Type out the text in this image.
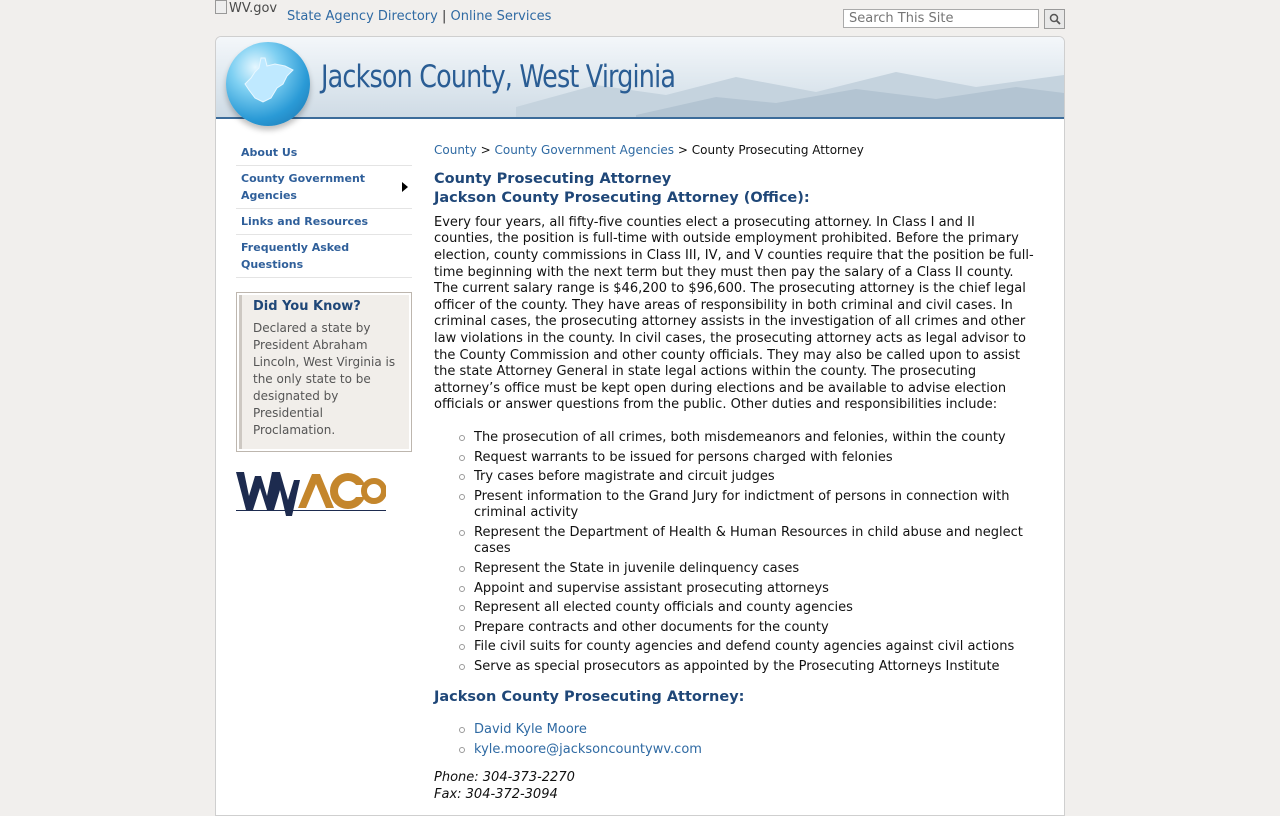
WV.gov
State Agency Directory | Online Services
Search This Site
Jackson County, West Virginia
About Us
County Government Agencies
Links and Resources
Frequently Asked Questions
Did You Know?
Declared a state by President Abraham Lincoln, West Virginia is the only state to be designated by Presidential Proclamation.
County > County Government Agencies > County Prosecuting Attorney
County Prosecuting Attorney
Jackson County Prosecuting Attorney (Office):

Every four years, all fifty-five counties elect a prosecuting attorney. In Class I and II counties, the position is full-time with outside employment prohibited. Before the primary election, county commissions in Class III, IV, and V counties require that the position be full-time beginning with the next term but they must then pay the salary of a Class II county. The current salary range is $46,200 to $96,600. The prosecuting attorney is the chief legal officer of the county. They have areas of responsibility in both criminal and civil cases. In criminal cases, the prosecuting attorney assists in the investigation of all crimes and other law violations in the county. In civil cases, the prosecuting attorney acts as legal advisor to the County Commission and other county officials. They may also be called upon to assist the state Attorney General in state legal actions within the county. The prosecuting attorney’s office must be kept open during elections and be available to advise election officials or answer questions from the public. Other duties and responsibilities include:

The prosecution of all crimes, both misdemeanors and felonies, within the county
Request warrants to be issued for persons charged with felonies
Try cases before magistrate and circuit judges
Present information to the Grand Jury for indictment of persons in connection with criminal activity
Represent the Department of Health & Human Resources in child abuse and neglect cases
Represent the State in juvenile delinquency cases
Appoint and supervise assistant prosecuting attorneys
Represent all elected county officials and county agencies
Prepare contracts and other documents for the county
File civil suits for county agencies and defend county agencies against civil actions
Serve as special prosecutors as appointed by the Prosecuting Attorneys Institute
Jackson County Prosecuting Attorney:
David Kyle Moore
kyle.moore@jacksoncountywv.com

Phone: 304-373-2270

Fax: 304-372-3094
